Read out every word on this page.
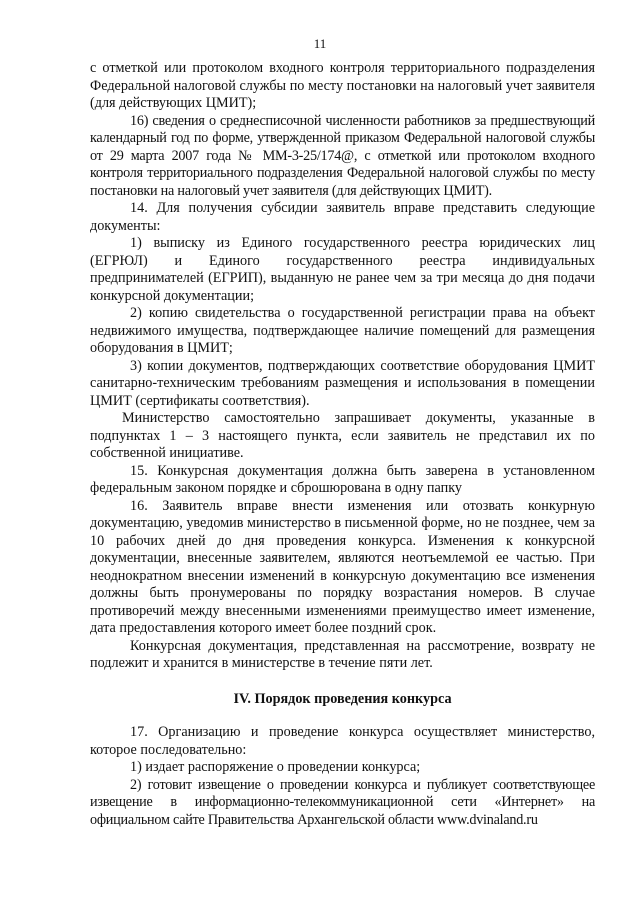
11

с отметкой или протоколом входного контроля территориального подразделения Федеральной налоговой службы по месту постановки на налоговый учет заявителя (для действующих ЦМИТ);

16) сведения о среднесписочной численности работников за предшествующий календарный год по форме, утвержденной приказом Федеральной налоговой службы от 29 марта 2007 года № ММ-3-25/174@, с отметкой или протоколом входного контроля территориального подразделения Федеральной налоговой службы по месту постановки на налоговый учет заявителя (для действующих ЦМИТ).

14. Для получения субсидии заявитель вправе представить следующие документы:

1) выписку из Единого государственного реестра юридических лиц (ЕГРЮЛ) и Единого государственного реестра индивидуальных предпринимателей (ЕГРИП), выданную не ранее чем за три месяца до дня подачи конкурсной документации;

2) копию свидетельства о государственной регистрации права на объект недвижимого имущества, подтверждающее наличие помещений для размещения оборудования в ЦМИТ;

3) копии документов, подтверждающих соответствие оборудования ЦМИТ санитарно-техническим требованиям размещения и использования в помещении ЦМИТ (сертификаты соответствия).

Министерство самостоятельно запрашивает документы, указанные в подпунктах 1 – 3 настоящего пункта, если заявитель не представил их по собственной инициативе.

15. Конкурсная документация должна быть заверена в установленном федеральным законом порядке и сброшюрована в одну папку

16. Заявитель вправе внести изменения или отозвать конкурную документацию, уведомив министерство в письменной форме, но не позднее, чем за 10 рабочих дней до дня проведения конкурса. Изменения к конкурсной документации, внесенные заявителем, являются неотъемлемой ее частью. При неоднократном внесении изменений в конкурсную документацию все изменения должны быть пронумерованы по порядку возрастания номеров. В случае противоречий между внесенными изменениями преимущество имеет изменение, дата предоставления которого имеет более поздний срок.

Конкурсная документация, представленная на рассмотрение, возврату не подлежит и хранится в министерстве в течение пяти лет.

IV. Порядок проведения конкурса

17. Организацию и проведение конкурса осуществляет министерство, которое последовательно:

1) издает распоряжение о проведении конкурса;

2) готовит извещение о проведении конкурса и публикует соответствующее извещение в информационно-телекоммуникационной сети «Интернет» на официальном сайте Правительства Архангельской области www.dvinaland.ru
